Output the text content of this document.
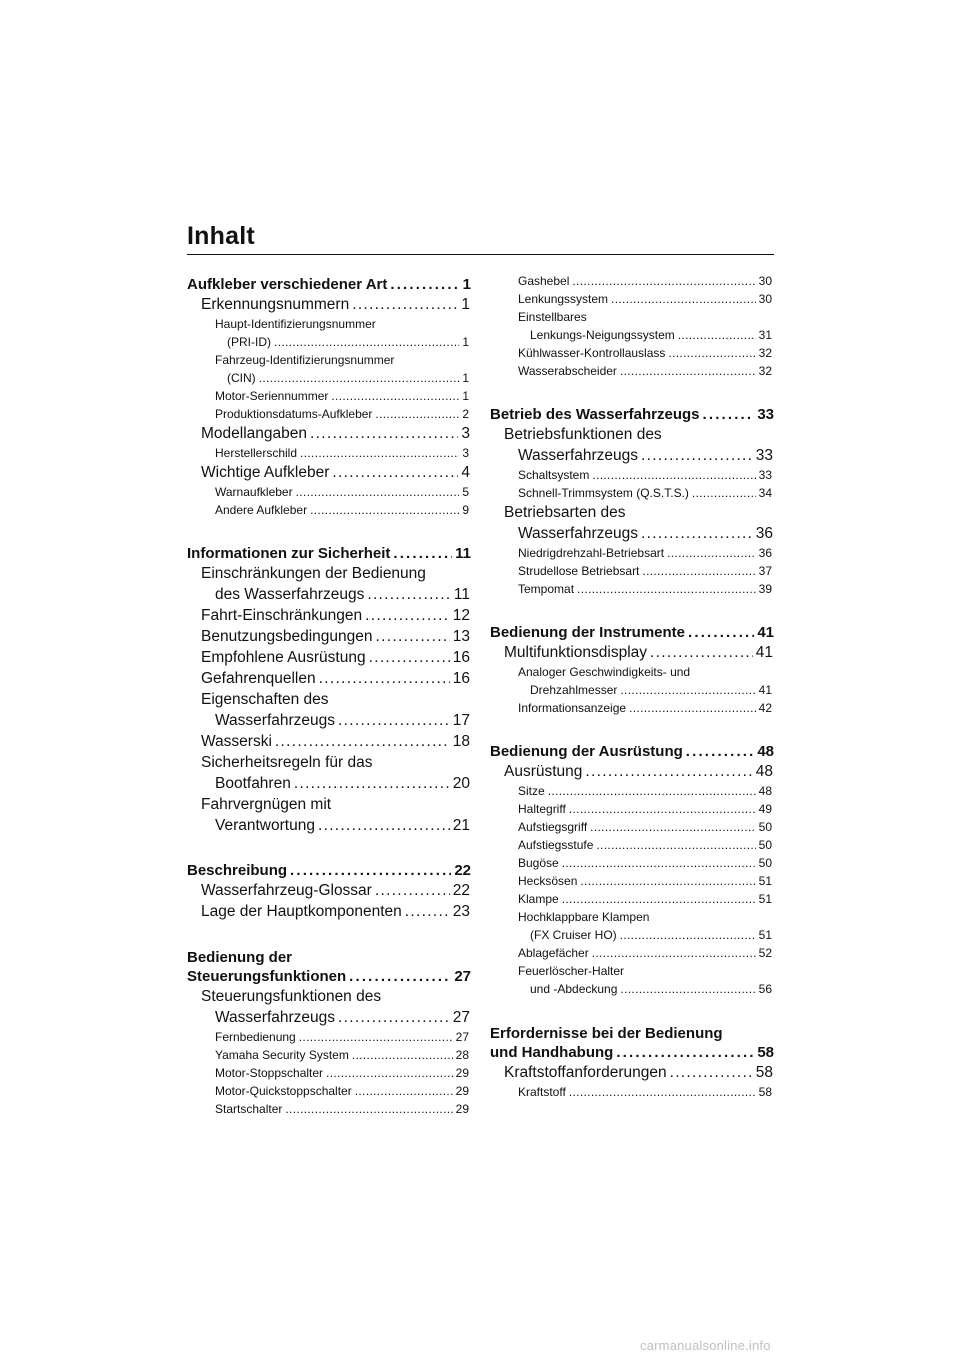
Inhalt
Aufkleber verschiedener Art . . .	1
Erkennungsnummern . . .	1
Haupt-Identifizierungsnummer
(PRI-ID) . . .	1
Fahrzeug-Identifizierungsnummer
(CIN) . . .	1
Motor-Seriennummer . . .	1
Produktionsdatums-Aufkleber . . .	2
Modellangaben . . .	3
Herstellerschild . . .	3
Wichtige Aufkleber . . .	4
Warnaufkleber . . .	5
Andere Aufkleber . . .	9
Informationen zur Sicherheit . . .	11
Einschränkungen der Bedienung
des Wasserfahrzeugs . . .	11
Fahrt-Einschränkungen . . .	12
Benutzungsbedingungen . . .	13
Empfohlene Ausrüstung . . .	16
Gefahrenquellen . . .	16
Eigenschaften des
Wasserfahrzeugs . . .	17
Wasserski . . .	18
Sicherheitsregeln für das
Bootfahren . . .	20
Fahrvergnügen mit
Verantwortung . . .	21
Beschreibung . . .	22
Wasserfahrzeug-Glossar . . .	22
Lage der Hauptkomponenten . . .	23
Bedienung der
Steuerungsfunktionen . . .	27
Steuerungsfunktionen des
Wasserfahrzeugs . . .	27
Fernbedienung . . .	27
Yamaha Security System . . .	28
Motor-Stoppschalter . . .	29
Motor-Quickstoppschalter . . .	29
Startschalter . . .	29
Gashebel . . .	30
Lenkungssystem . . .	30
Einstellbares
Lenkungs-Neigungssystem . . .	31
Kühlwasser-Kontrollauslass . . .	32
Wasserabscheider . . .	32
Betrieb des Wasserfahrzeugs . . .	33
Betriebsfunktionen des
Wasserfahrzeugs . . .	33
Schaltsystem . . .	33
Schnell-Trimmsystem (Q.S.T.S.) . . .	34
Betriebsarten des
Wasserfahrzeugs . . .	36
Niedrigdrehzahl-Betriebsart . . .	36
Strudellose Betriebsart . . .	37
Tempomat . . .	39
Bedienung der Instrumente . . .	41
Multifunktionsdisplay . . .	41
Analoger Geschwindigkeits- und
Drehzahlmesser . . .	41
Informationsanzeige . . .	42
Bedienung der Ausrüstung . . .	48
Ausrüstung . . .	48
Sitze . . .	48
Haltegriff . . .	49
Aufstiegsgriff . . .	50
Aufstiegsstufe . . .	50
Bugöse . . .	50
Hecksösen . . .	51
Klampe . . .	51
Hochklappbare Klampen
(FX Cruiser HO) . . .	51
Ablagefächer . . .	52
Feuerlöscher-Halter
und -Abdeckung . . .	56
Erfordernisse bei der Bedienung
und Handhabung . . .	58
Kraftstoffanforderungen . . .	58
Kraftstoff . . .	58
carmanualsonline.info
